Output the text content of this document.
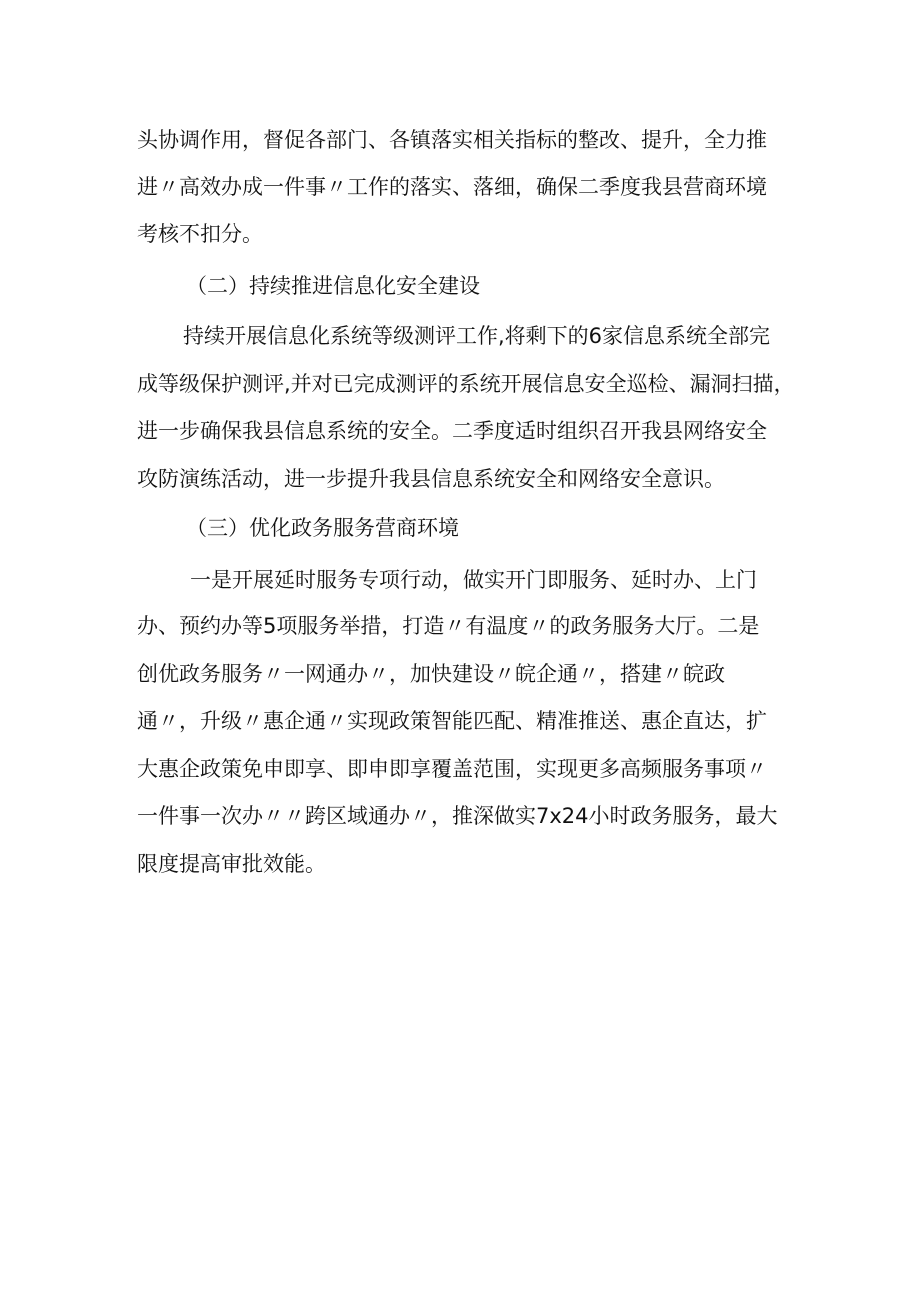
头协调作用，督促各部门、各镇落实相关指标的整改、提升，全力推
进〃高效办成一件事〃工作的落实、落细，确保二季度我县营商环境
考核不扣分。
（二）持续推进信息化安全建设
持续开展信息化系统等级测评工作,将剩下的6家信息系统全部完
成等级保护测评,并对已完成测评的系统开展信息安全巡检、漏洞扫描，
进一步确保我县信息系统的安全。二季度适时组织召开我县网络安全
攻防演练活动，进一步提升我县信息系统安全和网络安全意识。
（三）优化政务服务营商环境
一是开展延时服务专项行动，做实开门即服务、延时办、上门
办、预约办等5项服务举措，打造〃有温度〃的政务服务大厅。二是
创优政务服务〃一网通办〃，加快建设〃皖企通〃，搭建〃皖政
通〃，升级〃惠企通〃实现政策智能匹配、精准推送、惠企直达，扩
大惠企政策免申即享、即申即享覆盖范围，实现更多高频服务事项〃
一件事一次办〃〃跨区域通办〃，推深做实7x24小时政务服务，最大
限度提高审批效能。
